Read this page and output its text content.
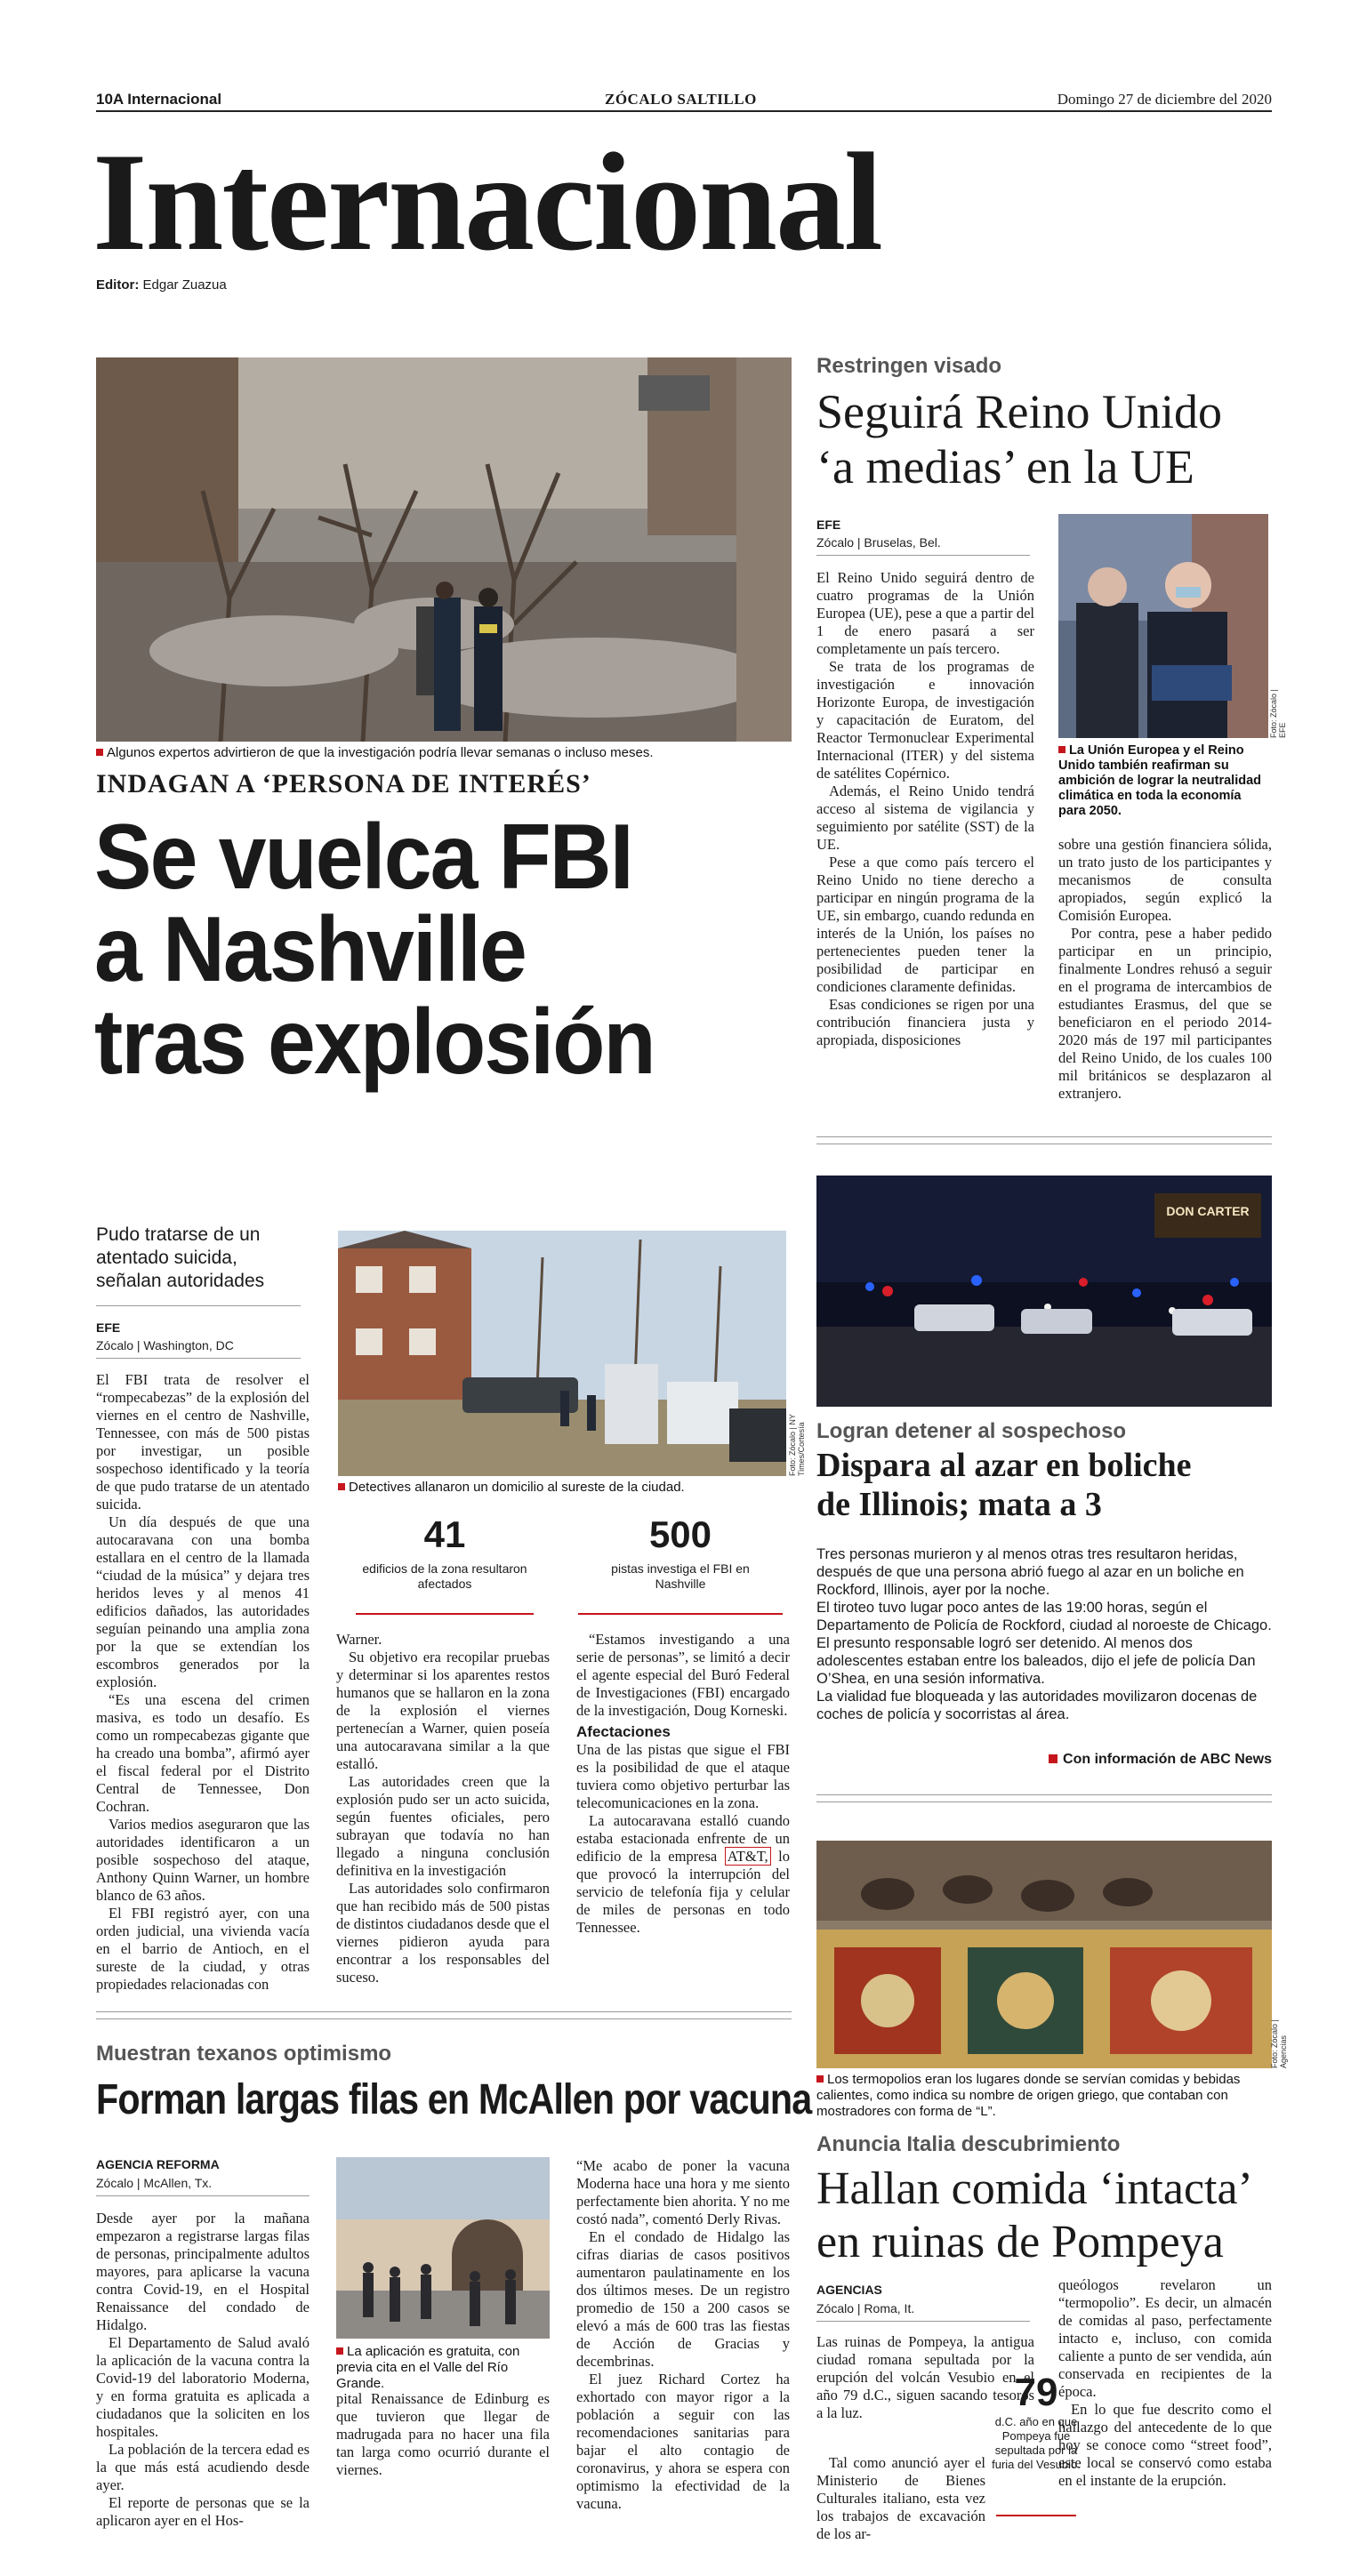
10A Internacional	ZÓCALO SALTILLO	Domingo 27 de diciembre del 2020
Internacional
Editor: Edgar Zuazua
Algunos expertos advirtieron de que la investigación podría llevar semanas o incluso meses.
INDAGAN A ‘PERSONA DE INTERÉS’
Se vuelca FBI
a Nashville
tras explosión
Pudo tratarse de un atentado suicida, señalan autoridades
EFE
Zócalo | Washington, DC
Foto: Zócalo | NY Times/Cortesía
Detectives allanaron un domicilio al sureste de la ciudad.
41
edificios de la zona resultaron afectados
500
pistas investiga el FBI en Nashville

El FBI trata de resolver el “rompecabezas” de la explosión del viernes en el centro de Nashville, Tennessee, con más de 500 pistas por investigar, un posible sospechoso identificado y la teoría de que pudo tratarse de un atentado suicida.

Un día después de que una autocaravana con una bomba estallara en el centro de la llamada “ciudad de la música” y dejara tres heridos leves y al menos 41 edificios dañados, las autoridades seguían peinando una amplia zona por la que se extendían los escombros generados por la explosión.

“Es una escena del crimen masiva, es todo un desafío. Es como un rompecabezas gigante que ha creado una bomba”, afirmó ayer el fiscal federal por el Distrito Central de Tennessee, Don Cochran.

Varios medios aseguraron que las autoridades identificaron a un posible sospechoso del ataque, Anthony Quinn Warner, un hombre blanco de 63 años.

El FBI registró ayer, con una orden judicial, una vivienda vacía en el barrio de Antioch, en el sureste de la ciudad, y otras propiedades relacionadas con

Warner.

Su objetivo era recopilar pruebas y determinar si los aparentes restos humanos que se hallaron en la zona de la explosión el viernes pertenecían a Warner, quien poseía una autocaravana similar a la que estalló.

Las autoridades creen que la explosión pudo ser un acto suicida, según fuentes oficiales, pero subrayan que todavía no han llegado a ninguna conclusión definitiva en la investigación

Las autoridades solo confirmaron que han recibido más de 500 pistas de distintos ciudadanos desde que el viernes pidieron ayuda para encontrar a los responsables del suceso.

“Estamos investigando a una serie de personas”, se limitó a decir el agente especial del Buró Federal de Investigaciones (FBI) encargado de la investigación, Doug Korneski.

Afectaciones

Una de las pistas que sigue el FBI es la posibilidad de que el ataque tuviera como objetivo perturbar las telecomunicaciones en la zona.

La autocaravana estalló cuando estaba estacionada enfrente de un edificio de la empresa AT&T, lo que provocó la interrupción del servicio de telefonía fija y celular de miles de personas en todo Tennessee.

Muestran texanos optimismo
Forman largas filas en McAllen por vacuna
AGENCIA REFORMA
Zócalo | McAllen, Tx.

Desde ayer por la mañana empezaron a registrarse largas filas de personas, principalmente adultos mayores, para aplicarse la vacuna contra Covid-19, en el Hospital Renaissance del condado de Hidalgo.

El Departamento de Salud avaló la aplicación de la vacuna contra la Covid-19 del laboratorio Moderna, y en forma gratuita es aplicada a ciudadanos que la soliciten en los hospitales.

La población de la tercera edad es la que más está acudiendo desde ayer.

El reporte de personas que se la aplicaron ayer en el Hos-

La aplicación es gratuita, con previa cita en el Valle del Río Grande.

pital Renaissance de Edinburg es que tuvieron que llegar de madrugada para no hacer una fila tan larga como ocurrió durante el viernes.

“Me acabo de poner la vacuna Moderna hace una hora y me siento perfectamente bien ahorita. Y no me costó nada”, comentó Derly Rivas.

En el condado de Hidalgo las cifras diarias de casos positivos aumentaron paulatinamente en los dos últimos meses. De un registro promedio de 150 a 200 casos se elevó a más de 600 tras las fiestas de Acción de Gracias y decembrinas.

El juez Richard Cortez ha exhortado con mayor rigor a la población a seguir con las recomendaciones sanitarias para bajar el alto contagio de coronavirus, y ahora se espera con optimismo la efectividad de la vacuna.

Restringen visado
Seguirá Reino Unido
‘a medias’ en la UE
EFE
Zócalo | Bruselas, Bel.
Foto: Zócalo | EFE
La Unión Europea y el Reino Unido también reafirman su ambición de lograr la neutralidad climática en toda la economía para 2050.

El Reino Unido seguirá dentro de cuatro programas de la Unión Europea (UE), pese a que a partir del 1 de enero pasará a ser completamente un país tercero.

Se trata de los programas de investigación e innovación Horizonte Europa, de investigación y capacitación de Euratom, del Reactor Termonuclear Experimental Internacional (ITER) y del sistema de satélites Copérnico.

Además, el Reino Unido tendrá acceso al sistema de vigilancia y seguimiento por satélite (SST) de la UE.

Pese a que como país tercero el Reino Unido no tiene derecho a participar en ningún programa de la UE, sin embargo, cuando redunda en interés de la Unión, los países no pertenecientes pueden tener la posibilidad de participar en condiciones claramente definidas.

Esas condiciones se rigen por una contribución financiera justa y apropiada, disposiciones

sobre una gestión financiera sólida, un trato justo de los participantes y mecanismos de consulta apropiados, según explicó la Comisión Europea.

Por contra, pese a haber pedido participar en un principio, finalmente Londres rehusó a seguir en el programa de intercambios de estudiantes Erasmus, del que se beneficiaron en el periodo 2014-2020 más de 197 mil participantes del Reino Unido, de los cuales 100 mil británicos se desplazaron al extranjero.

DON CARTER
Logran detener al sospechoso
Dispara al azar en boliche
de Illinois; mata a 3

Tres personas murieron y al menos otras tres resultaron heridas, después de que una persona abrió fuego al azar en un boliche en Rockford, Illinois, ayer por la noche.

El tiroteo tuvo lugar poco antes de las 19:00 horas, según el Departamento de Policía de Rockford, ciudad al noroeste de Chicago. El presunto responsable logró ser detenido. Al menos dos adolescentes estaban entre los baleados, dijo el jefe de policía Dan O’Shea, en una sesión informativa.

La vialidad fue bloqueada y las autoridades movilizaron docenas de coches de policía y socorristas al área.

Con información de ABC News
Foto: Zócalo | Agencias
Los termopolios eran los lugares donde se servían comidas y bebidas calientes, como indica su nombre de origen griego, que contaban con mostradores con forma de “L”.
Anuncia Italia descubrimiento
Hallan comida ‘intacta’
en ruinas de Pompeya
AGENCIAS
Zócalo | Roma, It.

Las ruinas de Pompeya, la antigua ciudad romana sepultada por la erupción del volcán Vesubio en el año 79 d.C., siguen sacando tesoros a la luz.

Tal como anunció ayer el Ministerio de Bienes Culturales italiano, esta vez los trabajos de excavación de los ar-

79
d.C. año en que Pompeya fue sepultada por la furia del Vesubio.

queólogos revelaron un “termopolio”. Es decir, un almacén de comidas al paso, perfectamente intacto e, incluso, con comida caliente a punto de ser vendida, aún conservada en recipientes de la época.

En lo que fue descrito como el hallazgo del antecedente de lo que hoy se conoce como “street food”, este local se conservó como estaba en el instante de la erupción.
